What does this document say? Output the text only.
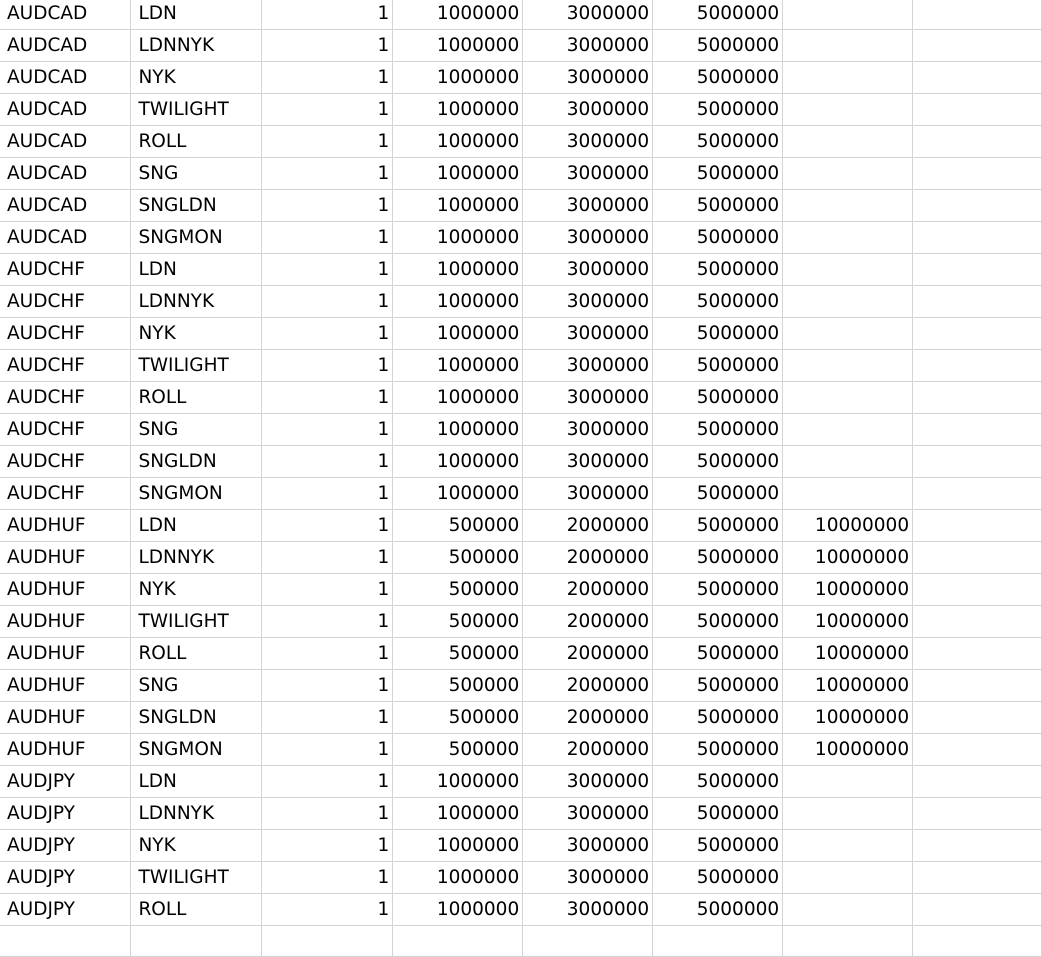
AUDCAD	LDN	1	1000000	3000000	5000000		
AUDCAD	LDNNYK	1	1000000	3000000	5000000		
AUDCAD	NYK	1	1000000	3000000	5000000		
AUDCAD	TWILIGHT	1	1000000	3000000	5000000		
AUDCAD	ROLL	1	1000000	3000000	5000000		
AUDCAD	SNG	1	1000000	3000000	5000000		
AUDCAD	SNGLDN	1	1000000	3000000	5000000		
AUDCAD	SNGMON	1	1000000	3000000	5000000		
AUDCHF	LDN	1	1000000	3000000	5000000		
AUDCHF	LDNNYK	1	1000000	3000000	5000000		
AUDCHF	NYK	1	1000000	3000000	5000000		
AUDCHF	TWILIGHT	1	1000000	3000000	5000000		
AUDCHF	ROLL	1	1000000	3000000	5000000		
AUDCHF	SNG	1	1000000	3000000	5000000		
AUDCHF	SNGLDN	1	1000000	3000000	5000000		
AUDCHF	SNGMON	1	1000000	3000000	5000000		
AUDHUF	LDN	1	500000	2000000	5000000	10000000	
AUDHUF	LDNNYK	1	500000	2000000	5000000	10000000	
AUDHUF	NYK	1	500000	2000000	5000000	10000000	
AUDHUF	TWILIGHT	1	500000	2000000	5000000	10000000	
AUDHUF	ROLL	1	500000	2000000	5000000	10000000	
AUDHUF	SNG	1	500000	2000000	5000000	10000000	
AUDHUF	SNGLDN	1	500000	2000000	5000000	10000000	
AUDHUF	SNGMON	1	500000	2000000	5000000	10000000	
AUDJPY	LDN	1	1000000	3000000	5000000		
AUDJPY	LDNNYK	1	1000000	3000000	5000000		
AUDJPY	NYK	1	1000000	3000000	5000000		
AUDJPY	TWILIGHT	1	1000000	3000000	5000000		
AUDJPY	ROLL	1	1000000	3000000	5000000		
